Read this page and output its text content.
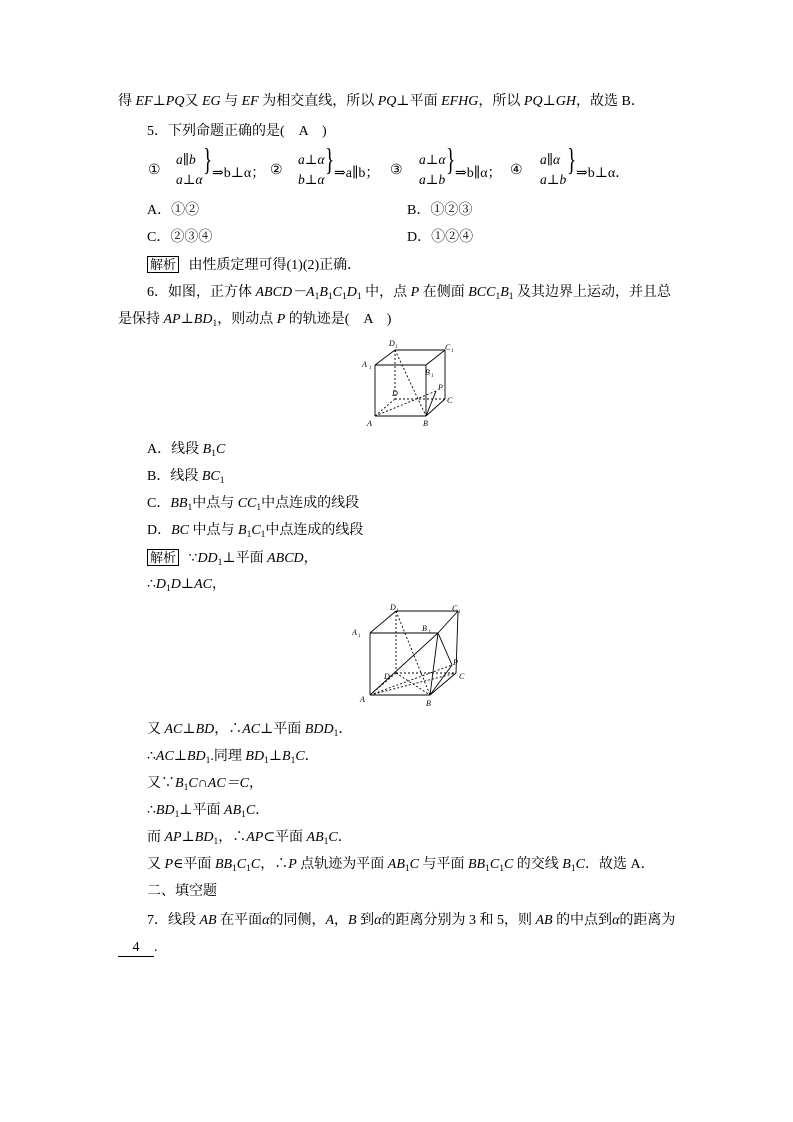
得 EF⊥PQ又 EG 与 EF 为相交直线，所以 PQ⊥平面 EFHG，所以 PQ⊥GH，故选 B．
5．下列命题正确的是(　A　)
①
a∥b
a⊥α
} ⇒b⊥α； ②
a⊥α
b⊥α
} ⇒a∥b； ③
a⊥α
a⊥b
} ⇒b∥α； ④
a∥α
a⊥b
} ⇒b⊥α．
A．①②	B．①②③
C．②③④	D．①②④
解析 由性质定理可得(1)(2)正确．
6．如图，正方体 $ABCD-A_1B_1C_1D_1$ 中，点 P 在侧面 $BCC_1B_1$ 及其边界上运动，并且总
是保持 $AP\perp BD_1$，则动点 P 的轨迹是(　A　)
A 1
D 1	C 1
B 1
D
P
C
A	B
A．线段 $B_1C$
B．线段 $BC_1$
C．$BB_1$中点与 $CC_1$中点连成的线段
D．BC 中点与 $B_1C_1$中点连成的线段
解析 $\because DD_1\perp$平面 ABCD，
$\therefore D_1D\perp AC$，
A 1
D 1	C 1
B 1
D
P
C
A	B
又 AC⊥BD，∴AC⊥平面 $BDD_1$．
$\therefore AC\perp BD_1$.同理 $BD_1\perp B_1C$．
又$\because B_1C\cap AC=C$，
$\therefore BD_1\perp$平面 $AB_1C$．
而 $AP\perp BD_1$，∴AP⊂平面 $AB_1C$．
又 P∈平面 $BB_1C_1C$，∴P 点轨迹为平面 $AB_1C$ 与平面 $BB_1C_1C$ 的交线 $B_1C$．故选 A．
二、填空题
7．线段 AB 在平面α的同侧，A，B 到α的距离分别为 3 和 5，则 AB 的中点到α的距离为
4 .
